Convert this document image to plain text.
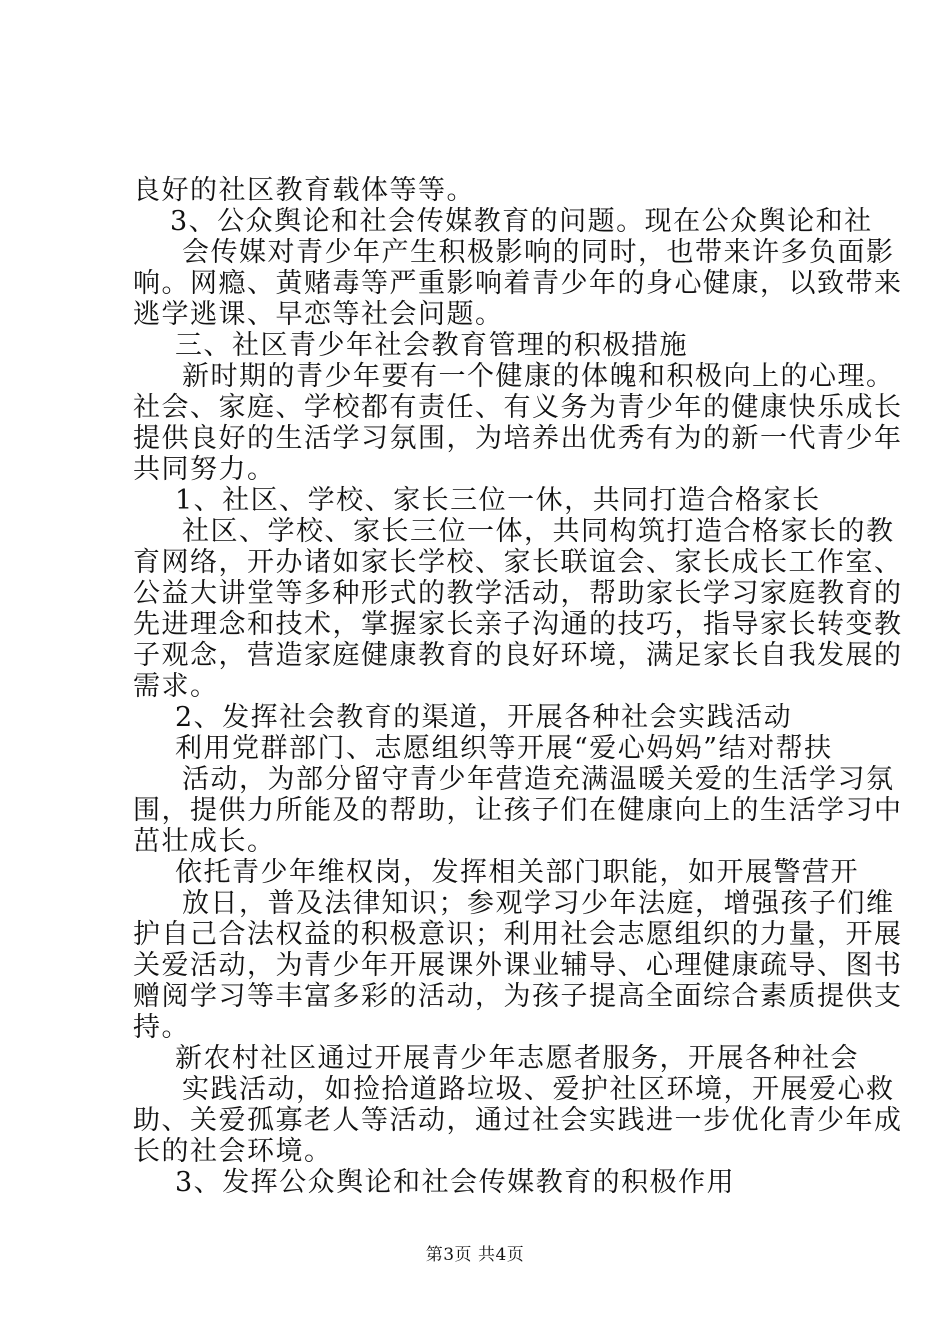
良好的社区教育载体等等。
3、公众舆论和社会传媒教育的问题。现在公众舆论和社
会传媒对青少年产生积极影响的同时，也带来许多负面影
响。网瘾、黄赌毒等严重影响着青少年的身心健康，以致带来
逃学逃课、早恋等社会问题。
三、社区青少年社会教育管理的积极措施
新时期的青少年要有一个健康的体魄和积极向上的心理。
社会、家庭、学校都有责任、有义务为青少年的健康快乐成长
提供良好的生活学习氛围，为培养出优秀有为的新一代青少年
共同努力。
1、社区、学校、家长三位一休，共同打造合格家长
社区、学校、家长三位一体，共同构筑打造合格家长的教
育网络，开办诸如家长学校、家长联谊会、家长成长工作室、
公益大讲堂等多种形式的教学活动，帮助家长学习家庭教育的
先进理念和技术，掌握家长亲子沟通的技巧，指导家长转变教
子观念，营造家庭健康教育的良好环境，满足家长自我发展的
需求。
2、发挥社会教育的渠道，开展各种社会实践活动
利用党群部门、志愿组织等开展“爱心妈妈”结对帮扶
活动，为部分留守青少年营造充满温暖关爱的生活学习氛
围，提供力所能及的帮助，让孩子们在健康向上的生活学习中
茁壮成长。
依托青少年维权岗，发挥相关部门职能，如开展警营开
放日，普及法律知识；参观学习少年法庭，增强孩子们维
护自己合法权益的积极意识；利用社会志愿组织的力量，开展
关爱活动，为青少年开展课外课业辅导、心理健康疏导、图书
赠阅学习等丰富多彩的活动，为孩子提高全面综合素质提供支
持。
新农村社区通过开展青少年志愿者服务，开展各种社会
实践活动，如捡拾道路垃圾、爱护社区环境，开展爱心救
助、关爱孤寡老人等活动，通过社会实践进一步优化青少年成
长的社会环境。
3、发挥公众舆论和社会传媒教育的积极作用
第3页 共4页
